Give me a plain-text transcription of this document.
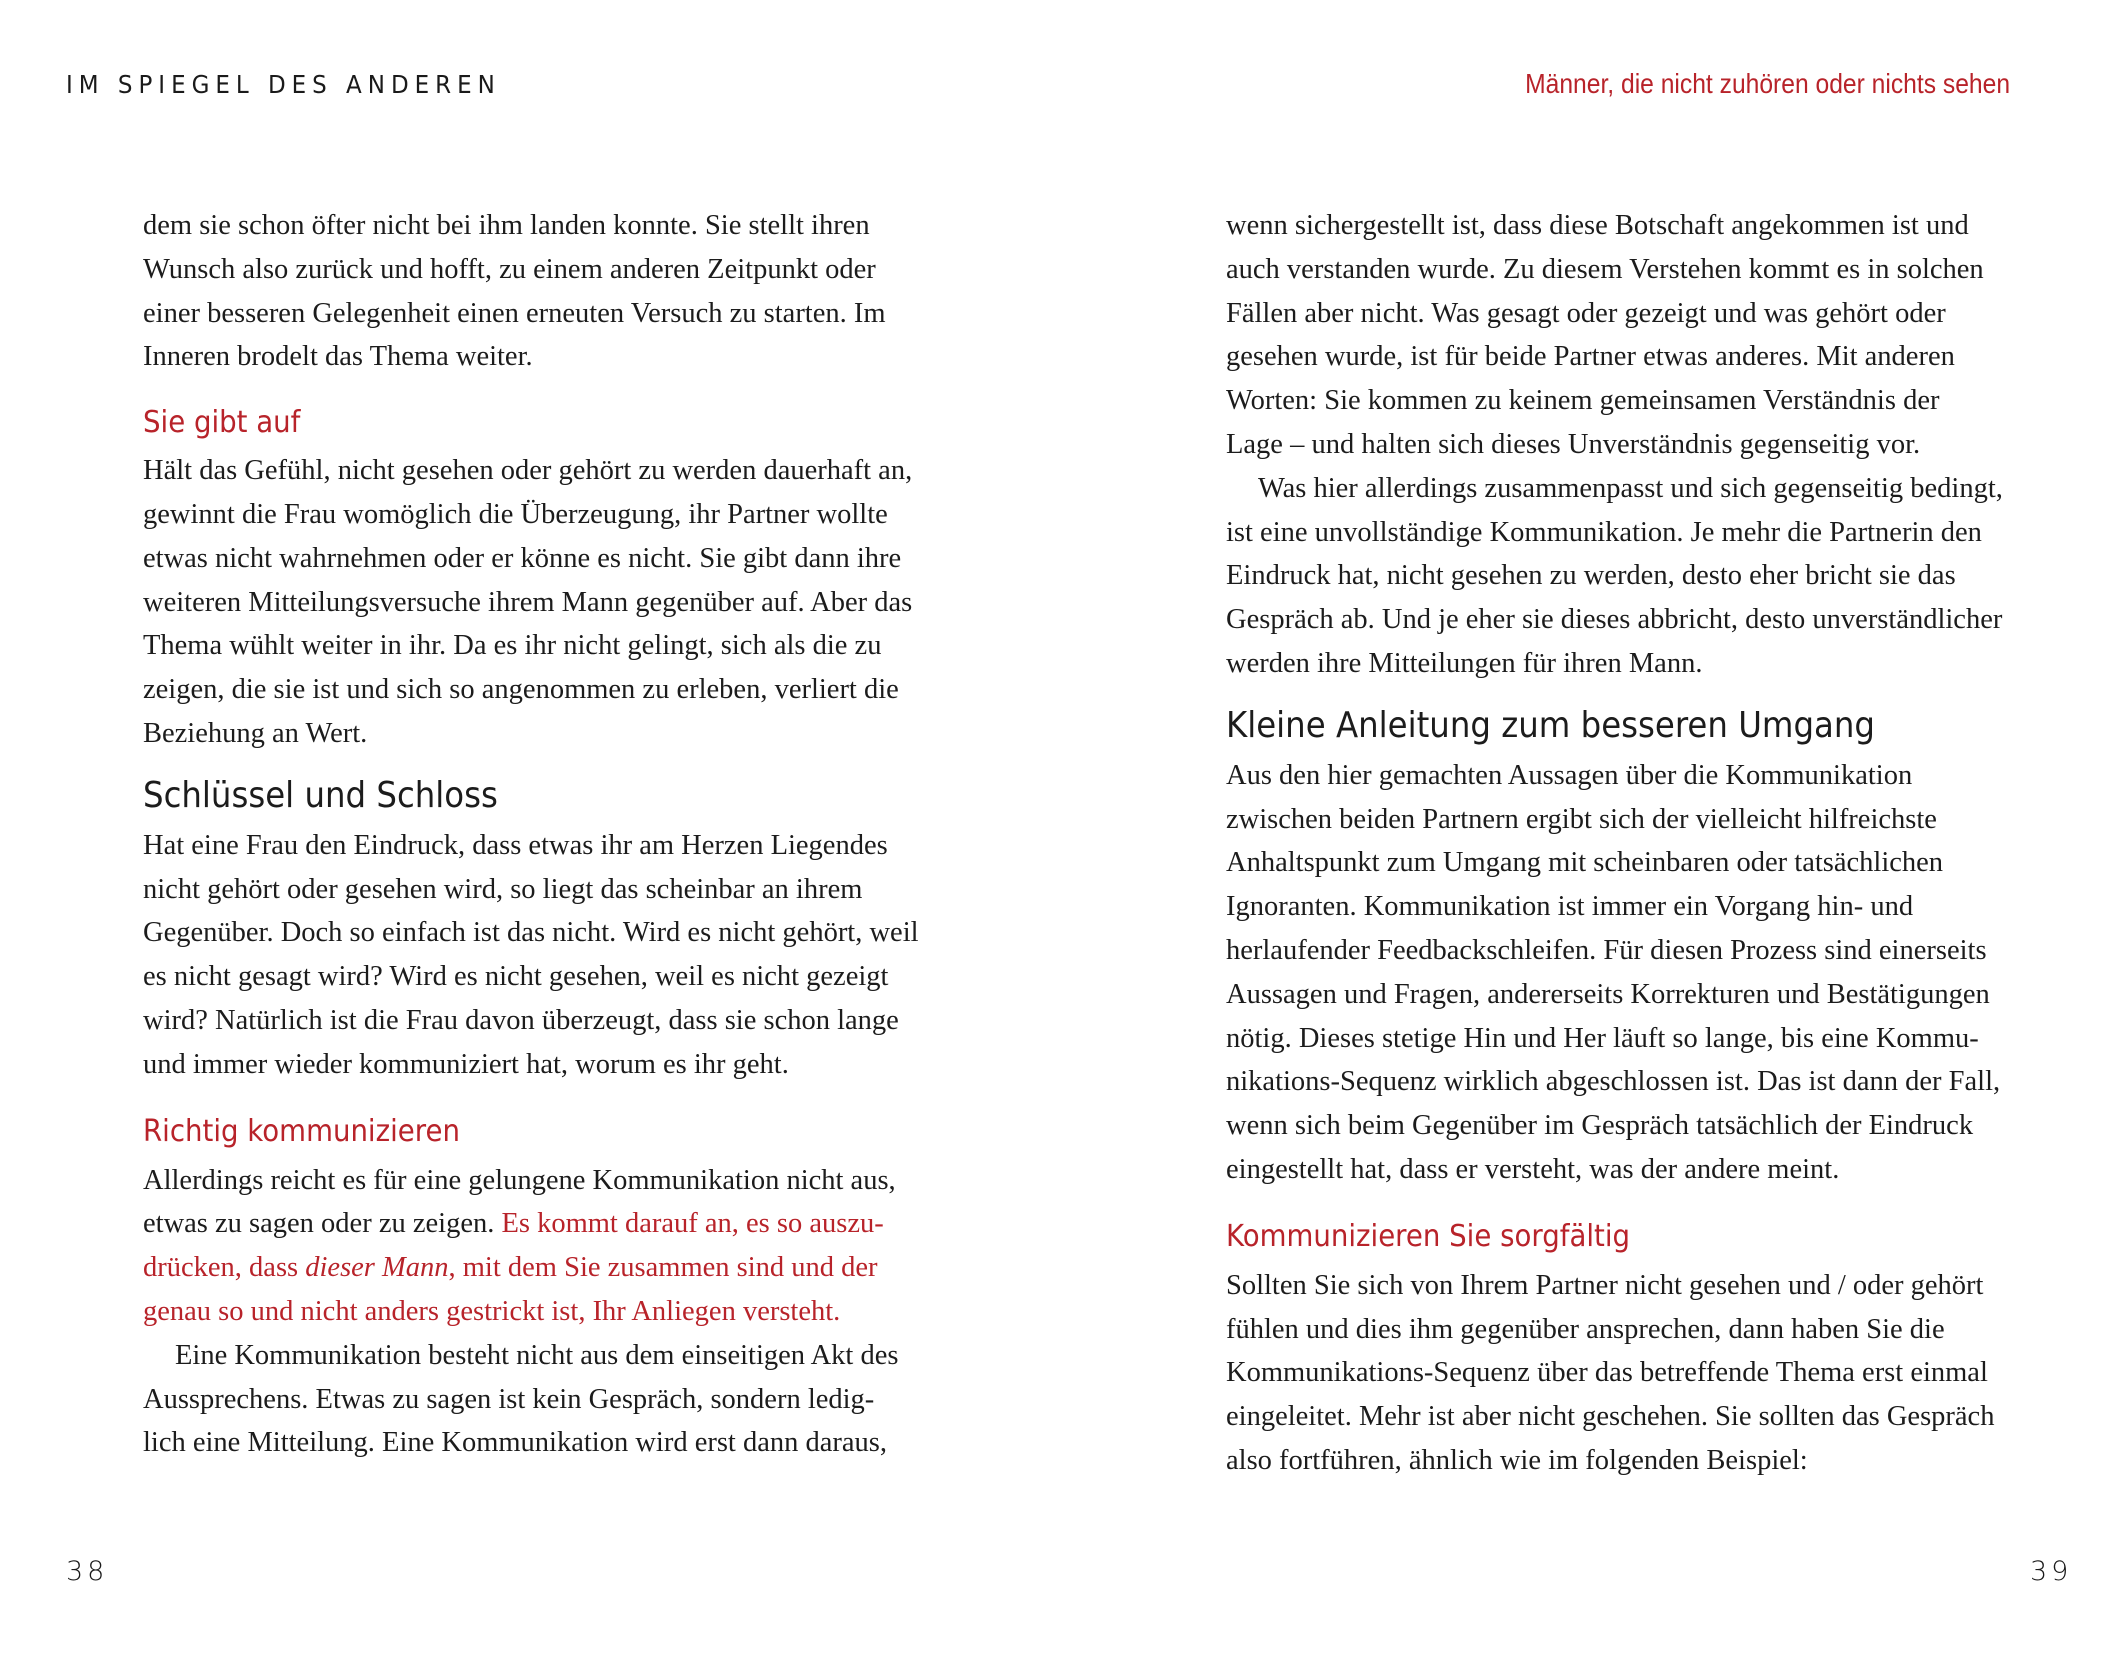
IM SPIEGEL DES ANDEREN	Männer, die nicht zuhören oder nichts sehen
dem sie schon öfter nicht bei ihm landen konnte. Sie stellt ihren
Wunsch also zurück und hofft, zu einem anderen Zeitpunkt oder
einer besseren Gelegenheit einen erneuten Versuch zu starten. Im
Inneren brodelt das Thema weiter.
Sie gibt auf
Hält das Gefühl, nicht gesehen oder gehört zu werden dauerhaft an,
gewinnt die Frau womöglich die Überzeugung, ihr Partner wollte
etwas nicht wahrnehmen oder er könne es nicht. Sie gibt dann ihre
weiteren Mitteilungsversuche ihrem Mann gegenüber auf. Aber das
Thema wühlt weiter in ihr. Da es ihr nicht gelingt, sich als die zu
zeigen, die sie ist und sich so angenommen zu erleben, verliert die
Beziehung an Wert.
Schlüssel und Schloss
Hat eine Frau den Eindruck, dass etwas ihr am Herzen Liegendes
nicht gehört oder gesehen wird, so liegt das scheinbar an ihrem
Gegenüber. Doch so einfach ist das nicht. Wird es nicht gehört, weil
es nicht gesagt wird? Wird es nicht gesehen, weil es nicht gezeigt
wird? Natürlich ist die Frau davon überzeugt, dass sie schon lange
und immer wieder kommuniziert hat, worum es ihr geht.
Richtig kommunizieren
Allerdings reicht es für eine gelungene Kommunikation nicht aus,
etwas zu sagen oder zu zeigen. Es kommt darauf an, es so auszu-
drücken, dass dieser Mann, mit dem Sie zusammen sind und der
genau so und nicht anders gestrickt ist, Ihr Anliegen versteht.
Eine Kommunikation besteht nicht aus dem einseitigen Akt des
Aussprechens. Etwas zu sagen ist kein Gespräch, sondern ledig-
lich eine Mitteilung. Eine Kommunikation wird erst dann daraus,
wenn sichergestellt ist, dass diese Botschaft angekommen ist und
auch verstanden wurde. Zu diesem Verstehen kommt es in solchen
Fällen aber nicht. Was gesagt oder gezeigt und was gehört oder
gesehen wurde, ist für beide Partner etwas anderes. Mit anderen
Worten: Sie kommen zu keinem gemeinsamen Verständnis der
Lage – und halten sich dieses Unverständnis gegenseitig vor.
Was hier allerdings zusammenpasst und sich gegenseitig bedingt,
ist eine unvollständige Kommunikation. Je mehr die Partnerin den
Eindruck hat, nicht gesehen zu werden, desto eher bricht sie das
Gespräch ab. Und je eher sie dieses abbricht, desto unverständlicher
werden ihre Mitteilungen für ihren Mann.
Kleine Anleitung zum besseren Umgang
Aus den hier gemachten Aussagen über die Kommunikation
zwischen beiden Partnern ergibt sich der vielleicht hilfreichste
Anhaltspunkt zum Umgang mit scheinbaren oder tatsächlichen
Ignoranten. Kommunikation ist immer ein Vorgang hin- und
herlaufender Feedbackschleifen. Für diesen Prozess sind einerseits
Aussagen und Fragen, andererseits Korrekturen und Bestätigungen
nötig. Dieses stetige Hin und Her läuft so lange, bis eine Kommu-
nikations-Sequenz wirklich abgeschlossen ist. Das ist dann der Fall,
wenn sich beim Gegenüber im Gespräch tatsächlich der Eindruck
eingestellt hat, dass er versteht, was der andere meint.
Kommunizieren Sie sorgfältig
Sollten Sie sich von Ihrem Partner nicht gesehen und / oder gehört
fühlen und dies ihm gegenüber ansprechen, dann haben Sie die
Kommunikations-Sequenz über das betreffende Thema erst einmal
eingeleitet. Mehr ist aber nicht geschehen. Sie sollten das Gespräch
also fortführen, ähnlich wie im folgenden Beispiel:
38	39
